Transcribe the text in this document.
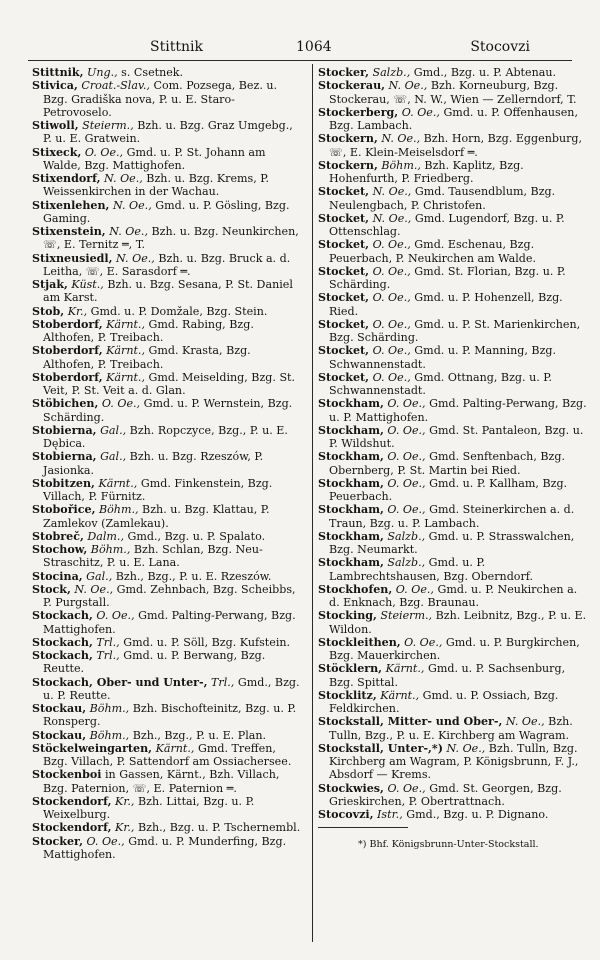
Stittnik	1064	Stocovzi

Stittnik, Ung., s. Csetnek.

Stivica, Croat.-Slav., Com. Pozsega, Bez. u. Bzg. Gradiška nova, P. u. E. Staro-Petrovoselo.

Stiwoll, Steierm., Bzh. u. Bzg. Graz Umgebg., P. u. E. Gratwein.

Stixeck, O. Oe., Gmd. u. P. St. Johann am Walde, Bzg. Mattighofen.

Stixendorf, N. Oe., Bzh. u. Bzg. Krems, P. Weissenkirchen in der Wachau.

Stixenlehen, N. Oe., Gmd. u. P. Gösling, Bzg. Gaming.

Stixenstein, N. Oe., Bzh. u. Bzg. Neunkirchen, ☏, E. Ternitz ═, T.

Stixneusiedl, N. Oe., Bzh. u. Bzg. Bruck a. d. Leitha, ☏, E. Sarasdorf ═.

Stjak, Küst., Bzh. u. Bzg. Sesana, P. St. Daniel am Karst.

Stob, Kr., Gmd. u. P. Domžale, Bzg. Stein.

Stoberdorf, Kärnt., Gmd. Rabing, Bzg. Althofen, P. Treibach.

Stoberdorf, Kärnt., Gmd. Krasta, Bzg. Althofen, P. Treibach.

Stoberdorf, Kärnt., Gmd. Meiselding, Bzg. St. Veit, P. St. Veit a. d. Glan.

Stöbichen, O. Oe., Gmd. u. P. Wernstein, Bzg. Schärding.

Stobierna, Gal., Bzh. Ropczyce, Bzg., P. u. E. Dębica.

Stobierna, Gal., Bzh. u. Bzg. Rzeszów, P. Jasionka.

Stobitzen, Kärnt., Gmd. Finkenstein, Bzg. Villach, P. Fürnitz.

Stobořice, Böhm., Bzh. u. Bzg. Klattau, P. Zamlekov (Zamlekau).

Stobreč, Dalm., Gmd., Bzg. u. P. Spalato.

Stochow, Böhm., Bzh. Schlan, Bzg. Neu-Straschitz, P. u. E. Lana.

Stocina, Gal., Bzh., Bzg., P. u. E. Rzeszów.

Stock, N. Oe., Gmd. Zehnbach, Bzg. Scheibbs, P. Purgstall.

Stockach, O. Oe., Gmd. Palting-Perwang, Bzg. Mattighofen.

Stockach, Trl., Gmd. u. P. Söll, Bzg. Kufstein.

Stockach, Trl., Gmd. u. P. Berwang, Bzg. Reutte.

Stockach, Ober- und Unter-, Trl., Gmd., Bzg. u. P. Reutte.

Stockau, Böhm., Bzh. Bischofteinitz, Bzg. u. P. Ronsperg.

Stockau, Böhm., Bzh., Bzg., P. u. E. Plan.

Stöckelweingarten, Kärnt., Gmd. Treffen, Bzg. Villach, P. Sattendorf am Ossiachersee.

Stockenboi in Gassen, Kärnt., Bzh. Villach, Bzg. Paternion, ☏, E. Paternion ═.

Stockendorf, Kr., Bzh. Littai, Bzg. u. P. Weixelburg.

Stockendorf, Kr., Bzh., Bzg. u. P. Tschernembl.

Stocker, O. Oe., Gmd. u. P. Munderfing, Bzg. Mattighofen.

Stocker, Salzb., Gmd., Bzg. u. P. Abtenau.

Stockerau, N. Oe., Bzh. Korneuburg, Bzg. Stockerau, ☏, N. W., Wien — Zellerndorf, T.

Stockerberg, O. Oe., Gmd. u. P. Offenhausen, Bzg. Lambach.

Stockern, N. Oe., Bzh. Horn, Bzg. Eggenburg, ☏, E. Klein-Meiselsdorf ═.

Stockern, Böhm., Bzh. Kaplitz, Bzg. Hohenfurth, P. Friedberg.

Stocket, N. Oe., Gmd. Tausendblum, Bzg. Neulengbach, P. Christofen.

Stocket, N. Oe., Gmd. Lugendorf, Bzg. u. P. Ottenschlag.

Stocket, O. Oe., Gmd. Eschenau, Bzg. Peuerbach, P. Neukirchen am Walde.

Stocket, O. Oe., Gmd. St. Florian, Bzg. u. P. Schärding.

Stocket, O. Oe., Gmd. u. P. Hohenzell, Bzg. Ried.

Stocket, O. Oe., Gmd. u. P. St. Marienkirchen, Bzg. Schärding.

Stocket, O. Oe., Gmd. u. P. Manning, Bzg. Schwannenstadt.

Stocket, O. Oe., Gmd. Ottnang, Bzg. u. P. Schwannenstadt.

Stockham, O. Oe., Gmd. Palting-Perwang, Bzg. u. P. Mattighofen.

Stockham, O. Oe., Gmd. St. Pantaleon, Bzg. u. P. Wildshut.

Stockham, O. Oe., Gmd. Senftenbach, Bzg. Obernberg, P. St. Martin bei Ried.

Stockham, O. Oe., Gmd. u. P. Kallham, Bzg. Peuerbach.

Stockham, O. Oe., Gmd. Steinerkirchen a. d. Traun, Bzg. u. P. Lambach.

Stockham, Salzb., Gmd. u. P. Strasswalchen, Bzg. Neumarkt.

Stockham, Salzb., Gmd. u. P. Lambrechtshausen, Bzg. Oberndorf.

Stockhofen, O. Oe., Gmd. u. P. Neukirchen a. d. Enknach, Bzg. Braunau.

Stocking, Steierm., Bzh. Leibnitz, Bzg., P. u. E. Wildon.

Stockleithen, O. Oe., Gmd. u. P. Burgkirchen, Bzg. Mauerkirchen.

Stöcklern, Kärnt., Gmd. u. P. Sachsenburg, Bzg. Spittal.

Stocklitz, Kärnt., Gmd. u. P. Ossiach, Bzg. Feldkirchen.

Stockstall, Mitter- und Ober-, N. Oe., Bzh. Tulln, Bzg., P. u. E. Kirchberg am Wagram.

Stockstall, Unter-,*) N. Oe., Bzh. Tulln, Bzg. Kirchberg am Wagram, P. Königsbrunn, F. J., Absdorf — Krems.

Stockwies, O. Oe., Gmd. St. Georgen, Bzg. Grieskirchen, P. Obertrattnach.

Stocovzi, Istr., Gmd., Bzg. u. P. Dignano.

*) Bhf. Königsbrunn-Unter-Stockstall.
